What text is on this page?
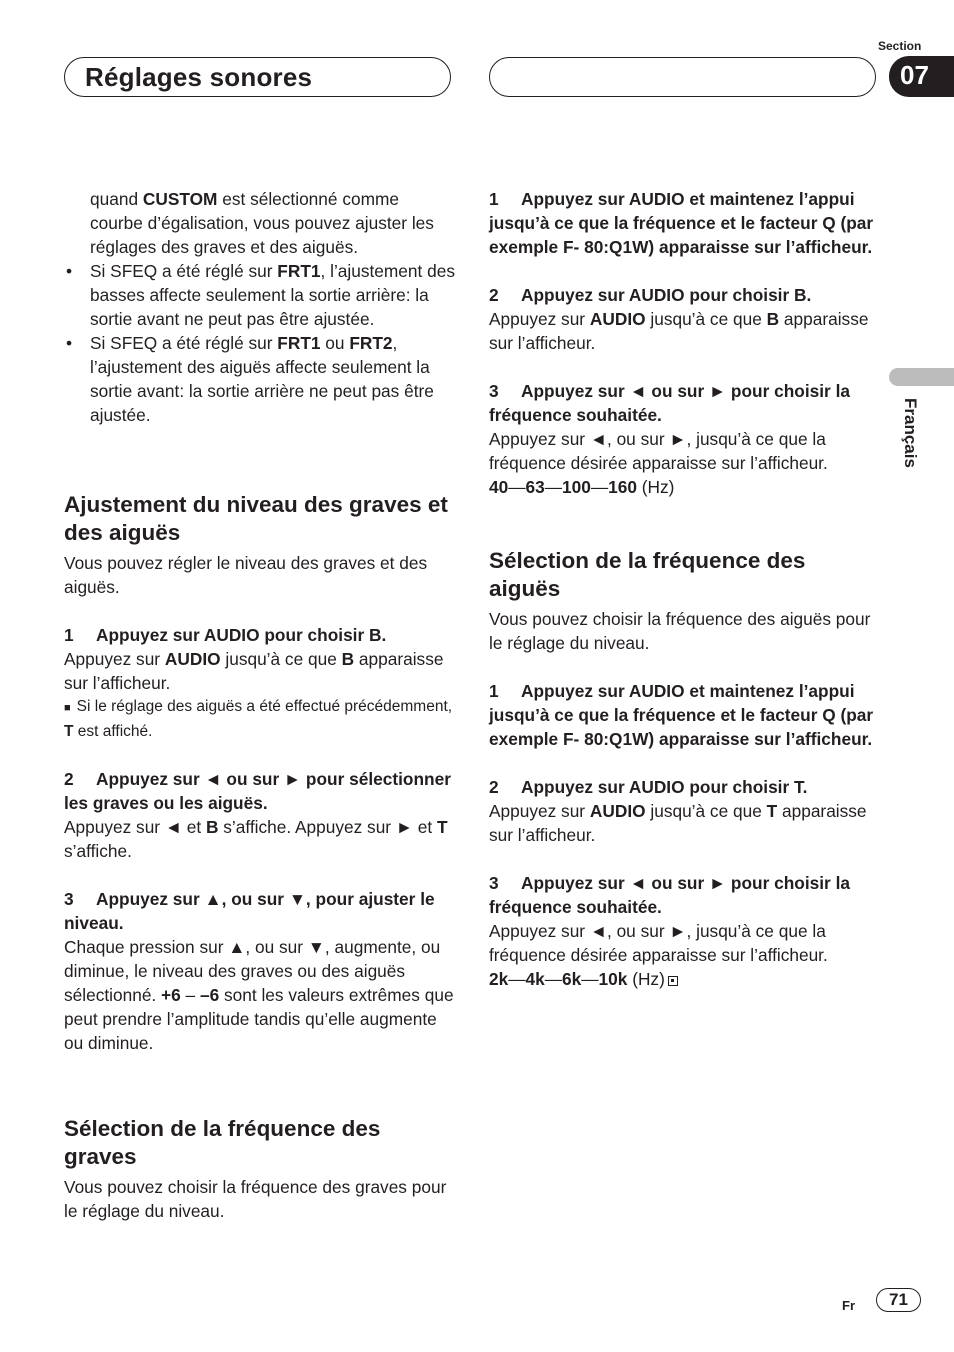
Réglages sonores
Section
07
Français

quand CUSTOM est sélectionné comme courbe d’égalisation, vous pouvez ajuster les réglages des graves et des aiguës.

• Si SFEQ a été réglé sur FRT1, l’ajustement des basses affecte seulement la sortie arrière: la sortie avant ne peut pas être ajustée.

• Si SFEQ a été réglé sur FRT1 ou FRT2, l’ajustement des aiguës affecte seulement la sortie avant: la sortie arrière ne peut pas être ajustée.

Ajustement du niveau des graves et des aiguës

Vous pouvez régler le niveau des graves et des aiguës.

1 Appuyez sur AUDIO pour choisir B.

Appuyez sur AUDIO jusqu’à ce que B apparaisse sur l’afficheur.

■ Si le réglage des aiguës a été effectué précédemment, T est affiché.

2 Appuyez sur ◄ ou sur ► pour sélectionner les graves ou les aiguës.

Appuyez sur ◄ et B s’affiche. Appuyez sur ► et T s’affiche.

3 Appuyez sur ▲, ou sur ▼, pour ajuster le niveau.

Chaque pression sur ▲, ou sur ▼, augmente, ou diminue, le niveau des graves ou des aiguës sélectionné. +6 – –6 sont les valeurs extrêmes que peut prendre l’amplitude tandis qu’elle augmente ou diminue.

Sélection de la fréquence des graves

Vous pouvez choisir la fréquence des graves pour le réglage du niveau.

1 Appuyez sur AUDIO et maintenez l’appui jusqu’à ce que la fréquence et le facteur Q (par exemple F- 80:Q1W) apparaisse sur l’afficheur.

2 Appuyez sur AUDIO pour choisir B.

Appuyez sur AUDIO jusqu’à ce que B apparaisse sur l’afficheur.

3 Appuyez sur ◄ ou sur ► pour choisir la fréquence souhaitée.

Appuyez sur ◄, ou sur ►, jusqu’à ce que la fréquence désirée apparaisse sur l’afficheur.

40—63—100—160 (Hz)

Sélection de la fréquence des aiguës

Vous pouvez choisir la fréquence des aiguës pour le réglage du niveau.

1 Appuyez sur AUDIO et maintenez l’appui jusqu’à ce que la fréquence et le facteur Q (par exemple F- 80:Q1W) apparaisse sur l’afficheur.

2 Appuyez sur AUDIO pour choisir T.

Appuyez sur AUDIO jusqu’à ce que T apparaisse sur l’afficheur.

3 Appuyez sur ◄ ou sur ► pour choisir la fréquence souhaitée.

Appuyez sur ◄, ou sur ►, jusqu’à ce que la fréquence désirée apparaisse sur l’afficheur.

2k—4k—6k—10k (Hz)

Fr	71
